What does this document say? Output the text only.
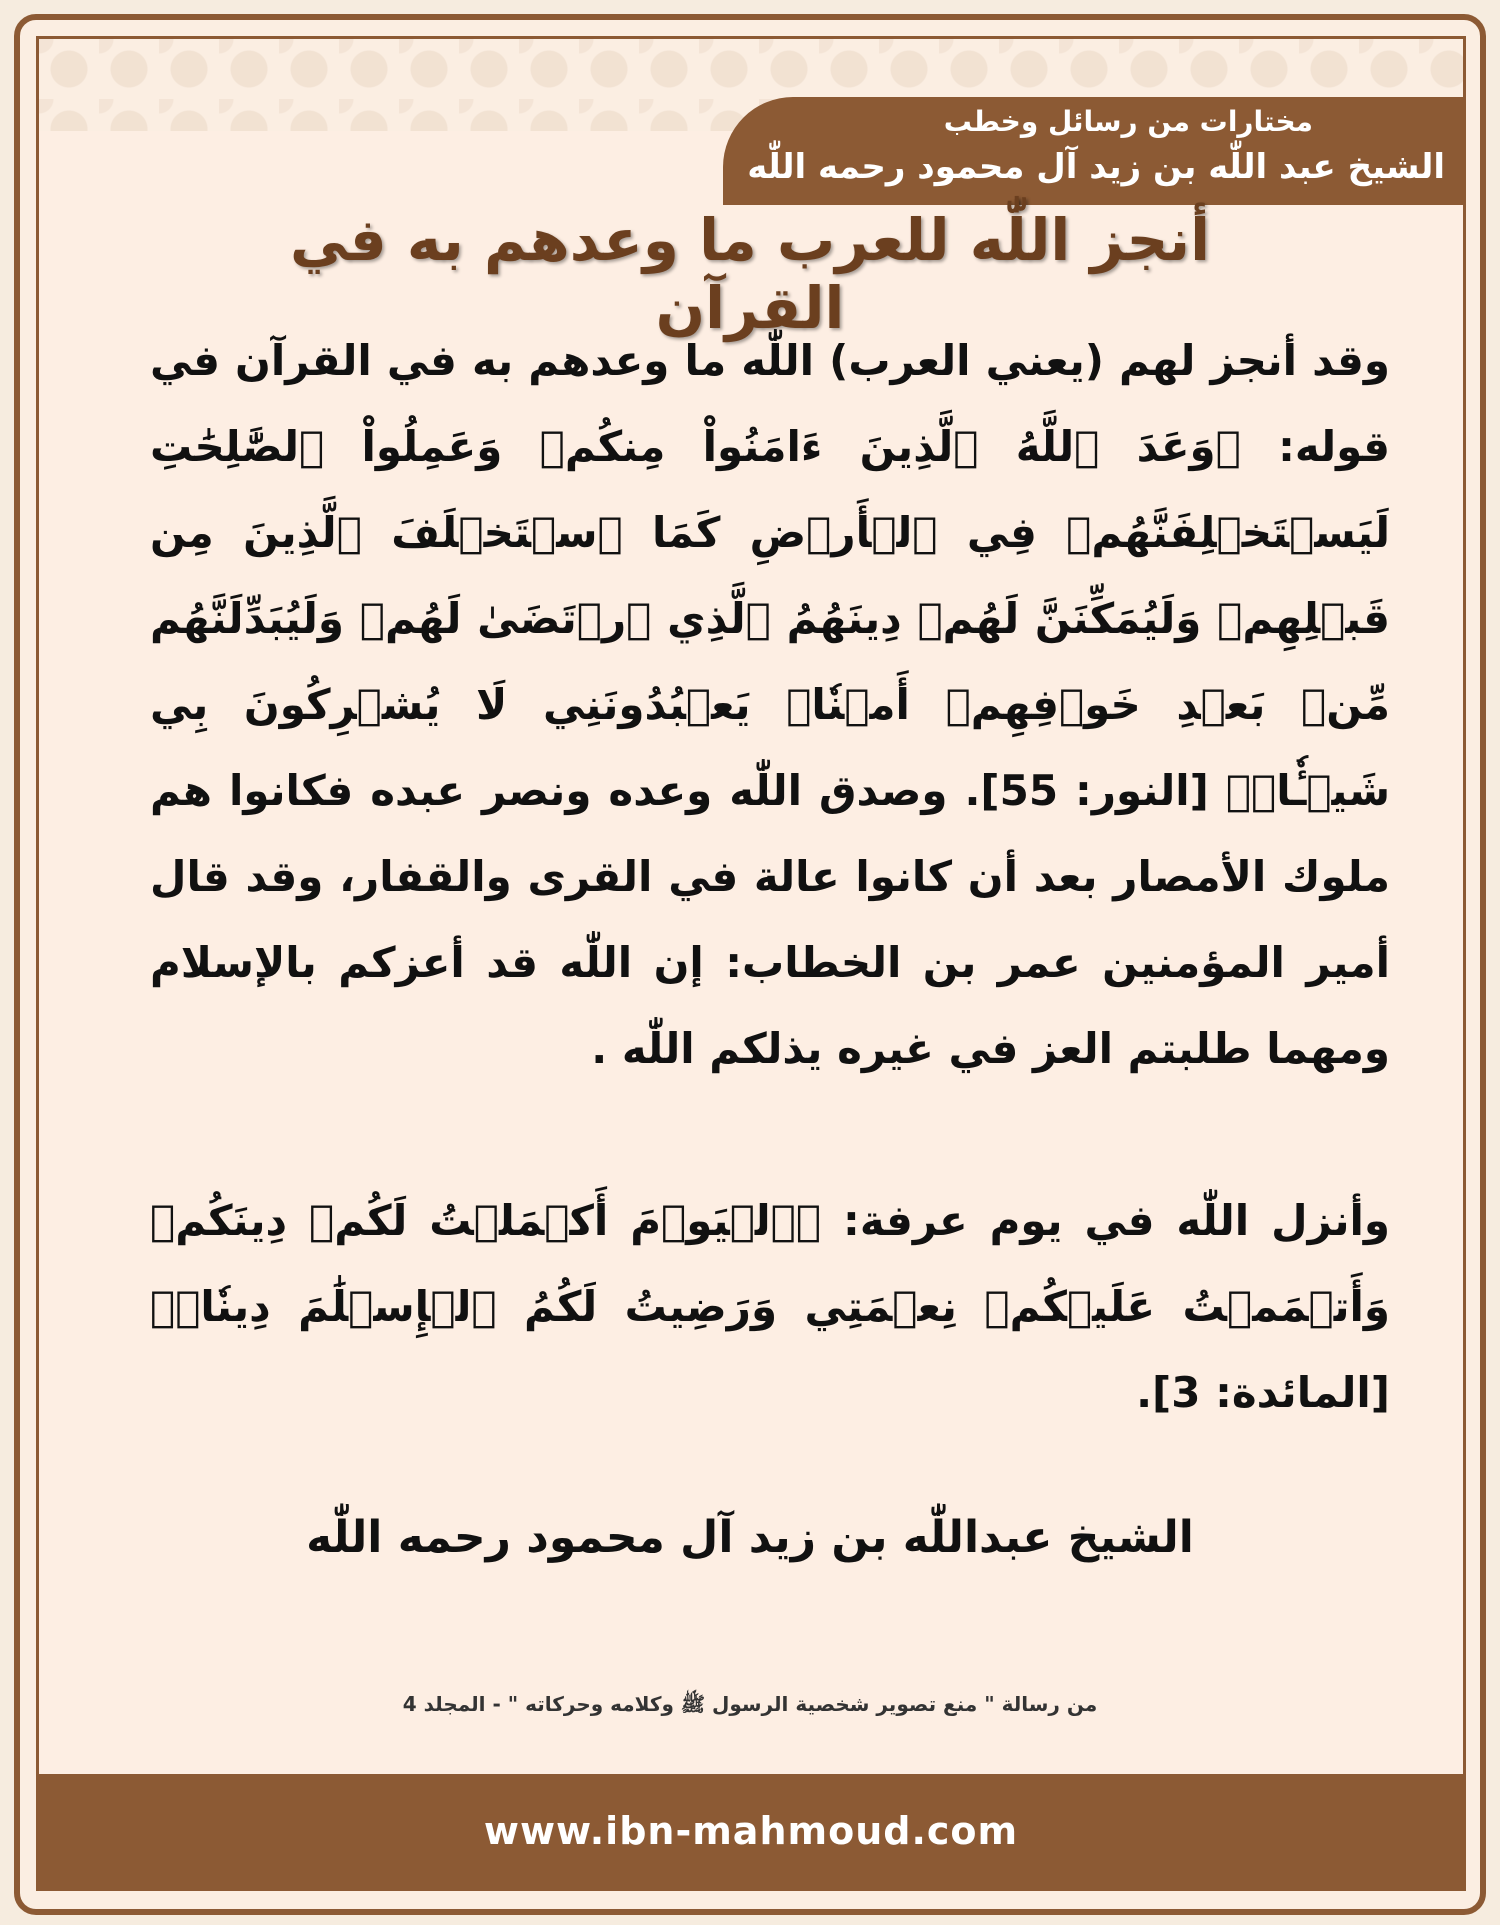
مختارات من رسائل وخطب
الشيخ عبد اللّٰه بن زيد آل محمود رحمه اللّٰه
www.ibn-mahmoud.com
أنجز اللّٰه للعرب ما وعدهم به في القرآن

وقد أنجز لهم (يعني العرب) اللّٰه ما وعدهم به في القرآن في قوله: ﴿وَعَدَ ٱللَّهُ ٱلَّذِينَ ءَامَنُواْ مِنكُمۡ وَعَمِلُواْ ٱلصَّٰلِحَٰتِ لَيَسۡتَخۡلِفَنَّهُمۡ فِي ٱلۡأَرۡضِ كَمَا ٱسۡتَخۡلَفَ ٱلَّذِينَ مِن قَبۡلِهِمۡ وَلَيُمَكِّنَنَّ لَهُمۡ دِينَهُمُ ٱلَّذِي ٱرۡتَضَىٰ لَهُمۡ وَلَيُبَدِّلَنَّهُم مِّنۢ بَعۡدِ خَوۡفِهِمۡ أَمۡنٗاۚ يَعۡبُدُونَنِي لَا يُشۡرِكُونَ بِي شَيۡـٔٗاۚ﴾ [النور: 55]. وصدق اللّٰه وعده ونصر عبده فكانوا هم ملوك الأمصار بعد أن كانوا عالة في القرى والقفار، وقد قال أمير المؤمنين عمر بن الخطاب: إن اللّٰه قد أعزكم بالإسلام ومهما طلبتم العز في غيره يذلكم اللّٰه .

وأنزل اللّٰه في يوم عرفة: ﴿ٱلۡيَوۡمَ أَكۡمَلۡتُ لَكُمۡ دِينَكُمۡ وَأَتۡمَمۡتُ عَلَيۡكُمۡ نِعۡمَتِي وَرَضِيتُ لَكُمُ ٱلۡإِسۡلَٰمَ دِينٗاۚ﴾ [المائدة: 3].

الشيخ عبداللّٰه بن زيد آل محمود رحمه اللّٰه
من رسالة " منع تصوير شخصية الرسول ﷺ وكلامه وحركاته " - المجلد 4
